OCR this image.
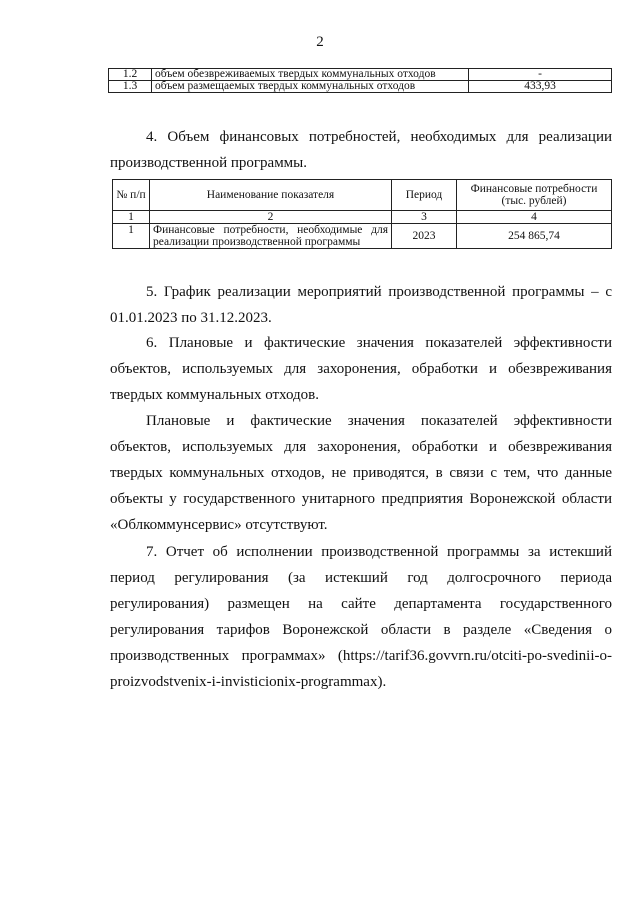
2
1.2	объем обезвреживаемых твердых коммунальных отходов	-
1.3	объем размещаемых твердых коммунальных отходов	433,93

4. Объем финансовых потребностей, необходимых для реализации производственной программы.

№ п/п	Наименование показателя	Период	Финансовые потребности (тыс. рублей)
1	2	3	4
1	Финансовые потребности, необходимые для реализации производственной программы	2023	254 865,74

5. График реализации мероприятий производственной программы – с 01.01.2023 по 31.12.2023.

6. Плановые и фактические значения показателей эффективности объектов, используемых для захоронения, обработки и обезвреживания твердых коммунальных отходов.

Плановые и фактические значения показателей эффективности объектов, используемых для захоронения, обработки и обезвреживания твердых коммунальных отходов, не приводятся, в связи с тем, что данные объекты у государственного унитарного предприятия Воронежской области «Облкоммунсервис» отсутствуют.

7. Отчет об исполнении производственной программы за истекший период регулирования (за истекший год долгосрочного периода регулирования) размещен на сайте департамента государственного регулирования тарифов Воронежской области в разделе «Сведения о производственных программах» (https://tarif36.govvrn.ru/otciti-po-svedinii-o-proizvodstvenix-i-invisticionix-programmax).
